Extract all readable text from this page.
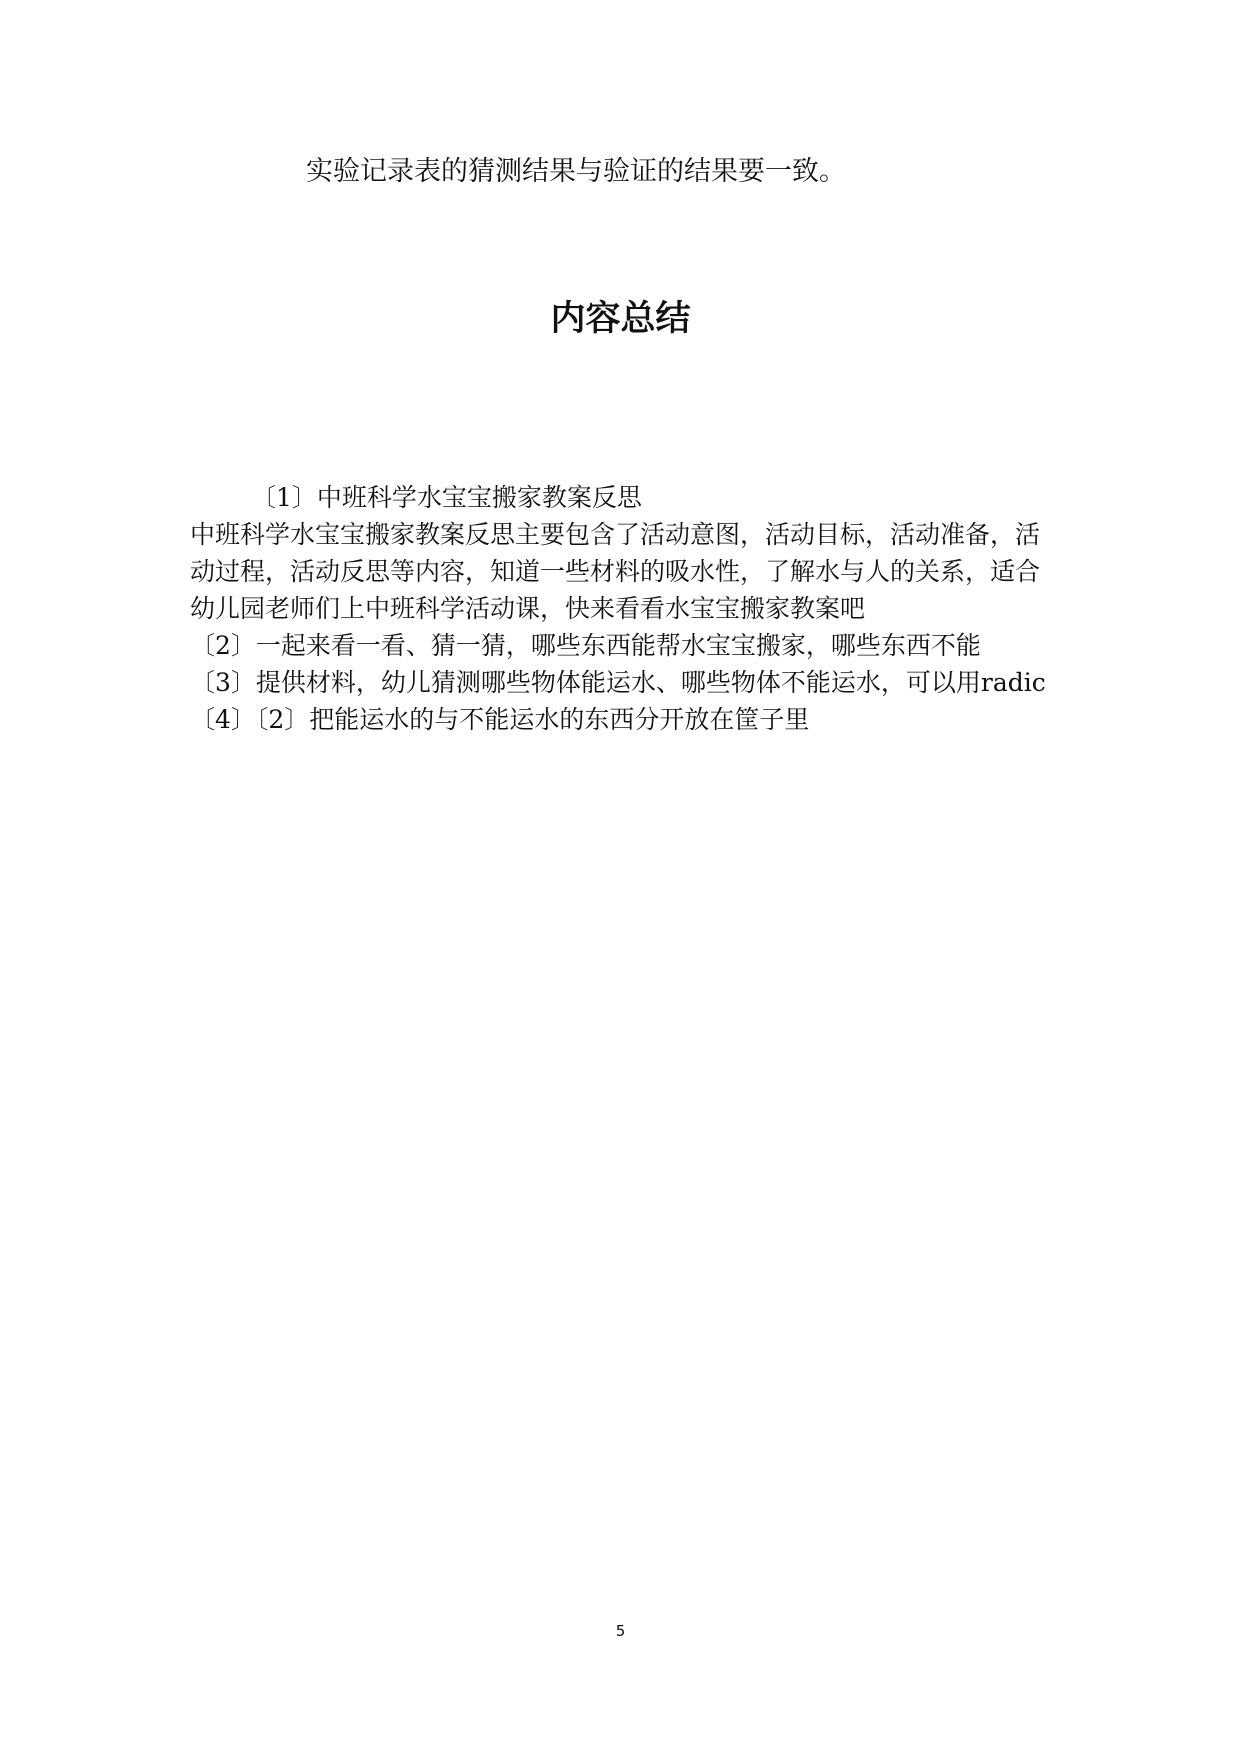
实验记录表的猜测结果与验证的结果要一致。
内容总结

〔1〕中班科学水宝宝搬家教案反思

中班科学水宝宝搬家教案反思主要包含了活动意图，活动目标，活动准备，活动过程，活动反思等内容，知道一些材料的吸水性，了解水与人的关系，适合幼儿园老师们上中班科学活动课，快来看看水宝宝搬家教案吧

〔2〕一起来看一看、猜一猜，哪些东西能帮水宝宝搬家，哪些东西不能

〔3〕提供材料，幼儿猜测哪些物体能运水、哪些物体不能运水，可以用radic

〔4〕〔2〕把能运水的与不能运水的东西分开放在筐子里

5
